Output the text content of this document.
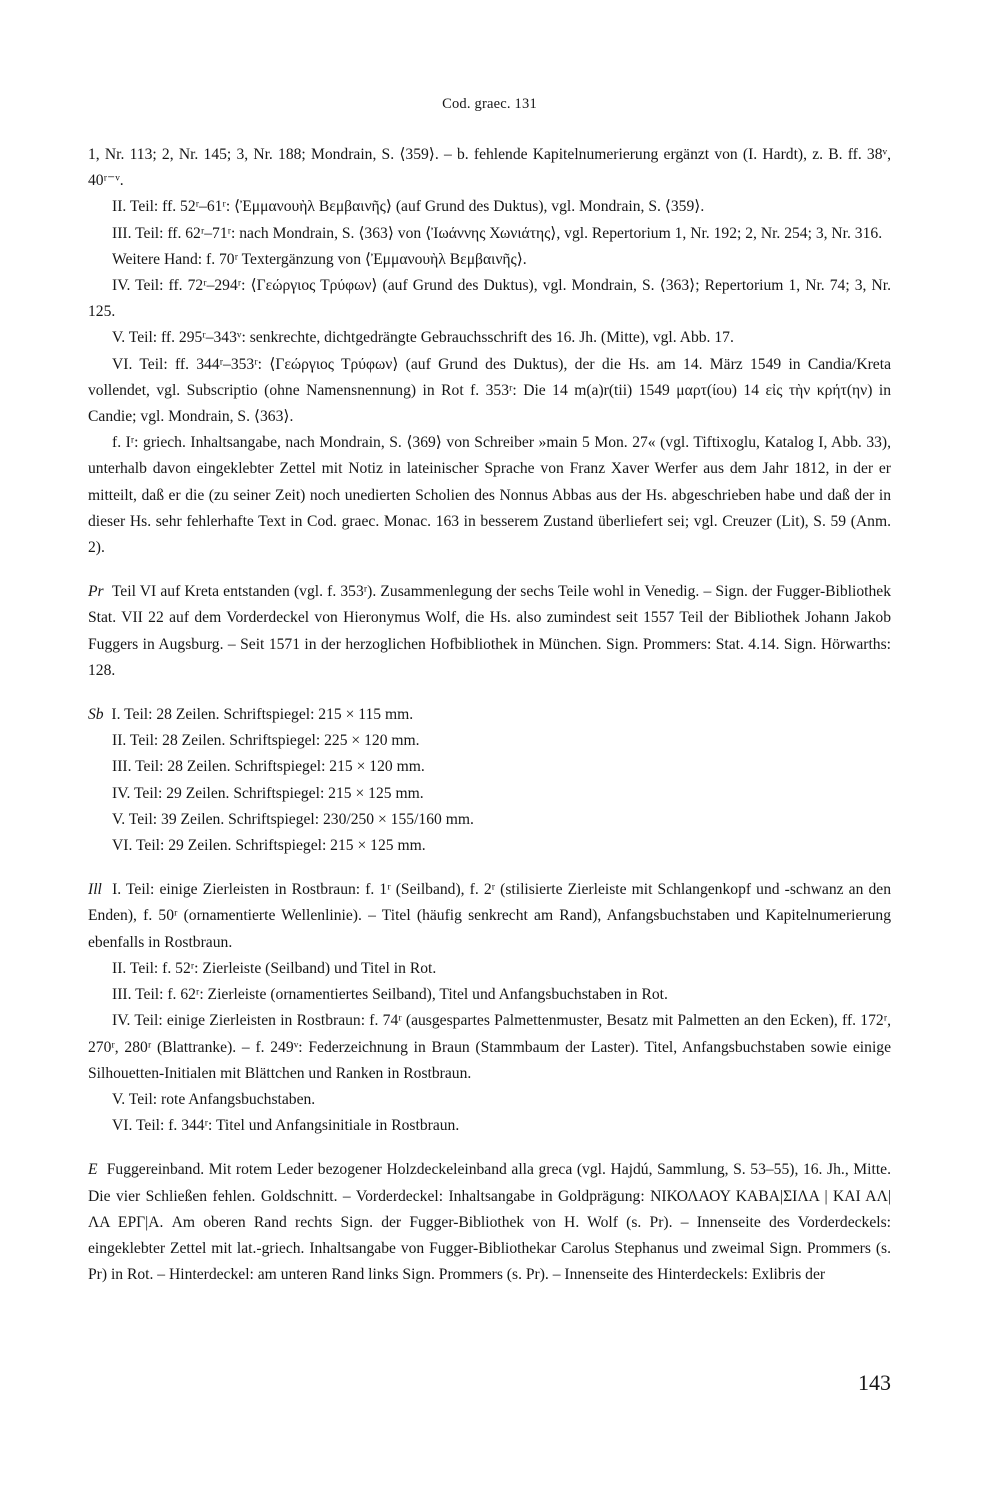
Cod. graec. 131

1, Nr. 113; 2, Nr. 145; 3, Nr. 188; Mondrain, S. ⟨359⟩. – b. fehlende Kapitelnumerierung ergänzt von (I. Hardt), z. B. ff. 38ᵛ, 40ʳ⁻ᵛ.

II. Teil: ff. 52ʳ–61ʳ: ⟨Ἐμμανουὴλ Βεμβαινῆς⟩ (auf Grund des Duktus), vgl. Mondrain, S. ⟨359⟩.

III. Teil: ff. 62ʳ–71ʳ: nach Mondrain, S. ⟨363⟩ von ⟨Ἰωάννης Χωνιάτης⟩, vgl. Repertorium 1, Nr. 192; 2, Nr. 254; 3, Nr. 316.

Weitere Hand: f. 70ʳ Textergänzung von ⟨Ἐμμανουὴλ Βεμβαινῆς⟩.

IV. Teil: ff. 72ʳ–294ʳ: ⟨Γεώργιος Τρύφων⟩ (auf Grund des Duktus), vgl. Mondrain, S. ⟨363⟩; Repertorium 1, Nr. 74; 3, Nr. 125.

V. Teil: ff. 295ʳ–343ᵛ: senkrechte, dichtgedrängte Gebrauchsschrift des 16. Jh. (Mitte), vgl. Abb. 17.

VI. Teil: ff. 344ʳ–353ʳ: ⟨Γεώργιος Τρύφων⟩ (auf Grund des Duktus), der die Hs. am 14. März 1549 in Candia/Kreta vollendet, vgl. Subscriptio (ohne Namensnennung) in Rot f. 353ʳ: Die 14 m(a)r(tii) 1549 μαρτ(ίου) 14 εἰς τὴν κρήτ(ην) in Candie; vgl. Mondrain, S. ⟨363⟩.

f. Iʳ: griech. Inhaltsangabe, nach Mondrain, S. ⟨369⟩ von Schreiber »main 5 Mon. 27« (vgl. Tiftixoglu, Katalog I, Abb. 33), unterhalb davon eingeklebter Zettel mit Notiz in lateinischer Sprache von Franz Xaver Werfer aus dem Jahr 1812, in der er mitteilt, daß er die (zu seiner Zeit) noch unedierten Scholien des Nonnus Abbas aus der Hs. abgeschrieben habe und daß der in dieser Hs. sehr fehlerhafte Text in Cod. graec. Monac. 163 in besserem Zustand überliefert sei; vgl. Creuzer (Lit), S. 59 (Anm. 2).

Pr Teil VI auf Kreta entstanden (vgl. f. 353ʳ). Zusammenlegung der sechs Teile wohl in Venedig. – Sign. der Fugger-Bibliothek Stat. VII 22 auf dem Vorderdeckel von Hieronymus Wolf, die Hs. also zumindest seit 1557 Teil der Bibliothek Johann Jakob Fuggers in Augsburg. – Seit 1571 in der herzoglichen Hofbibliothek in München. Sign. Prommers: Stat. 4.14. Sign. Hörwarths: 128.

Sb I. Teil: 28 Zeilen. Schriftspiegel: 215 × 115 mm.

II. Teil: 28 Zeilen. Schriftspiegel: 225 × 120 mm.

III. Teil: 28 Zeilen. Schriftspiegel: 215 × 120 mm.

IV. Teil: 29 Zeilen. Schriftspiegel: 215 × 125 mm.

V. Teil: 39 Zeilen. Schriftspiegel: 230/250 × 155/160 mm.

VI. Teil: 29 Zeilen. Schriftspiegel: 215 × 125 mm.

Ill I. Teil: einige Zierleisten in Rostbraun: f. 1ʳ (Seilband), f. 2ʳ (stilisierte Zierleiste mit Schlangenkopf und -schwanz an den Enden), f. 50ʳ (ornamentierte Wellenlinie). – Titel (häufig senkrecht am Rand), Anfangsbuchstaben und Kapitelnumerierung ebenfalls in Rostbraun.

II. Teil: f. 52ʳ: Zierleiste (Seilband) und Titel in Rot.

III. Teil: f. 62ʳ: Zierleiste (ornamentiertes Seilband), Titel und Anfangsbuchstaben in Rot.

IV. Teil: einige Zierleisten in Rostbraun: f. 74ʳ (ausgespartes Palmettenmuster, Besatz mit Palmetten an den Ecken), ff. 172ʳ, 270ʳ, 280ʳ (Blattranke). – f. 249ᵛ: Federzeichnung in Braun (Stammbaum der Laster). Titel, Anfangsbuchstaben sowie einige Silhouetten-Initialen mit Blättchen und Ranken in Rostbraun.

V. Teil: rote Anfangsbuchstaben.

VI. Teil: f. 344ʳ: Titel und Anfangsinitiale in Rostbraun.

E Fuggereinband. Mit rotem Leder bezogener Holzdeckeleinband alla greca (vgl. Hajdú, Sammlung, S. 53–55), 16. Jh., Mitte. Die vier Schließen fehlen. Goldschnitt. – Vorderdeckel: Inhaltsangabe in Goldprägung: ΝΙΚΟΛΑΟΥ ΚΑΒΑ|ΣΙΛΑ | ΚΑΙ ΑΛ|ΛΑ ΕΡΓ|Α. Am oberen Rand rechts Sign. der Fugger-Bibliothek von H. Wolf (s. Pr). – Innenseite des Vorderdeckels: eingeklebter Zettel mit lat.-griech. Inhaltsangabe von Fugger-Bibliothekar Carolus Stephanus und zweimal Sign. Prommers (s. Pr) in Rot. – Hinterdeckel: am unteren Rand links Sign. Prommers (s. Pr). – Innenseite des Hinterdeckels: Exlibris der

143
